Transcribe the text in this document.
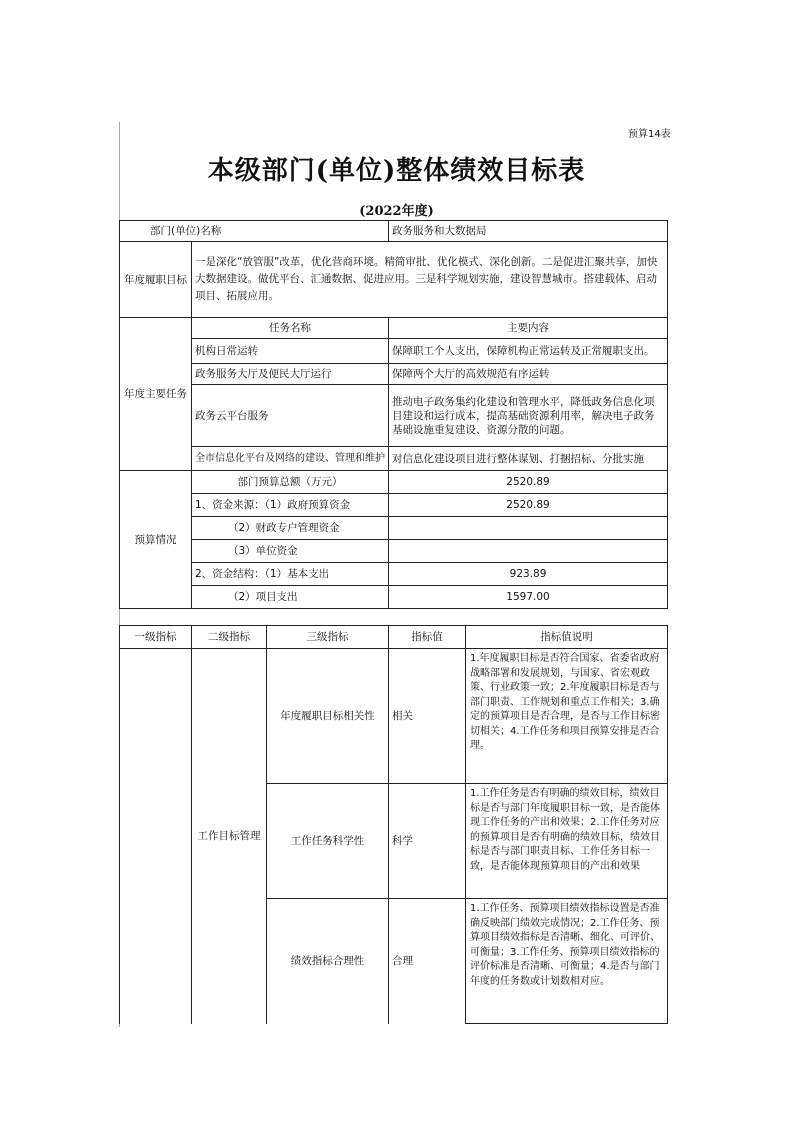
预算14表
本级部门(单位)整体绩效目标表
(2022年度)
部门(单位)名称		政务服务和大数据局
年度履职目标	一是深化“放管服”改革，优化营商环境。精简审批、优化模式、深化创新。二是促进汇聚共享，加快大数据建设。做优平台、汇通数据、促进应用。三是科学规划实施，建设智慧城市。搭建载体、启动项目、拓展应用。	
年度主要任务	任务名称	主要内容
	机构日常运转	保障职工个人支出，保障机构正常运转及正常履职支出。
	政务服务大厅及便民大厅运行	保障两个大厅的高效规范有序运转
	政务云平台服务	推动电子政务集约化建设和管理水平，降低政务信息化项目建设和运行成本，提高基础资源利用率，解决电子政务基础设施重复建设、资源分散的问题。
	全市信息化平台及网络的建设、管理和维护	对信息化建设项目进行整体谋划、打捆招标、分批实施
预算情况	部门预算总额（万元）	2520.89
	1、资金来源：（1）政府预算资金	2520.89
	（2）财政专户管理资金	
	（3）单位资金	
	2、资金结构：（1）基本支出	923.89
	（2）项目支出	1597.00
一级指标	二级指标	三级指标	指标值	指标值说明
	工作目标管理	年度履职目标相关性	相关	1.年度履职目标是否符合国家、省委省政府战略部署和发展规划，与国家、省宏观政策、行业政策一致；2.年度履职目标是否与部门职责、工作规划和重点工作相关；3.确定的预算项目是否合理，是否与工作目标密切相关；4.工作任务和项目预算安排是否合理。
		工作任务科学性	科学	1.工作任务是否有明确的绩效目标，绩效目标是否与部门年度履职目标一致，是否能体现工作任务的产出和效果；2.工作任务对应的预算项目是否有明确的绩效目标，绩效目标是否与部门职责目标、工作任务目标一致，是否能体现预算项目的产出和效果
		绩效指标合理性	合理	1.工作任务、预算项目绩效指标设置是否准确反映部门绩效完成情况；2.工作任务、预算项目绩效指标是否清晰、细化、可评价、可衡量；3.工作任务、预算项目绩效指标的评价标准是否清晰、可衡量；4.是否与部门年度的任务数或计划数相对应。
